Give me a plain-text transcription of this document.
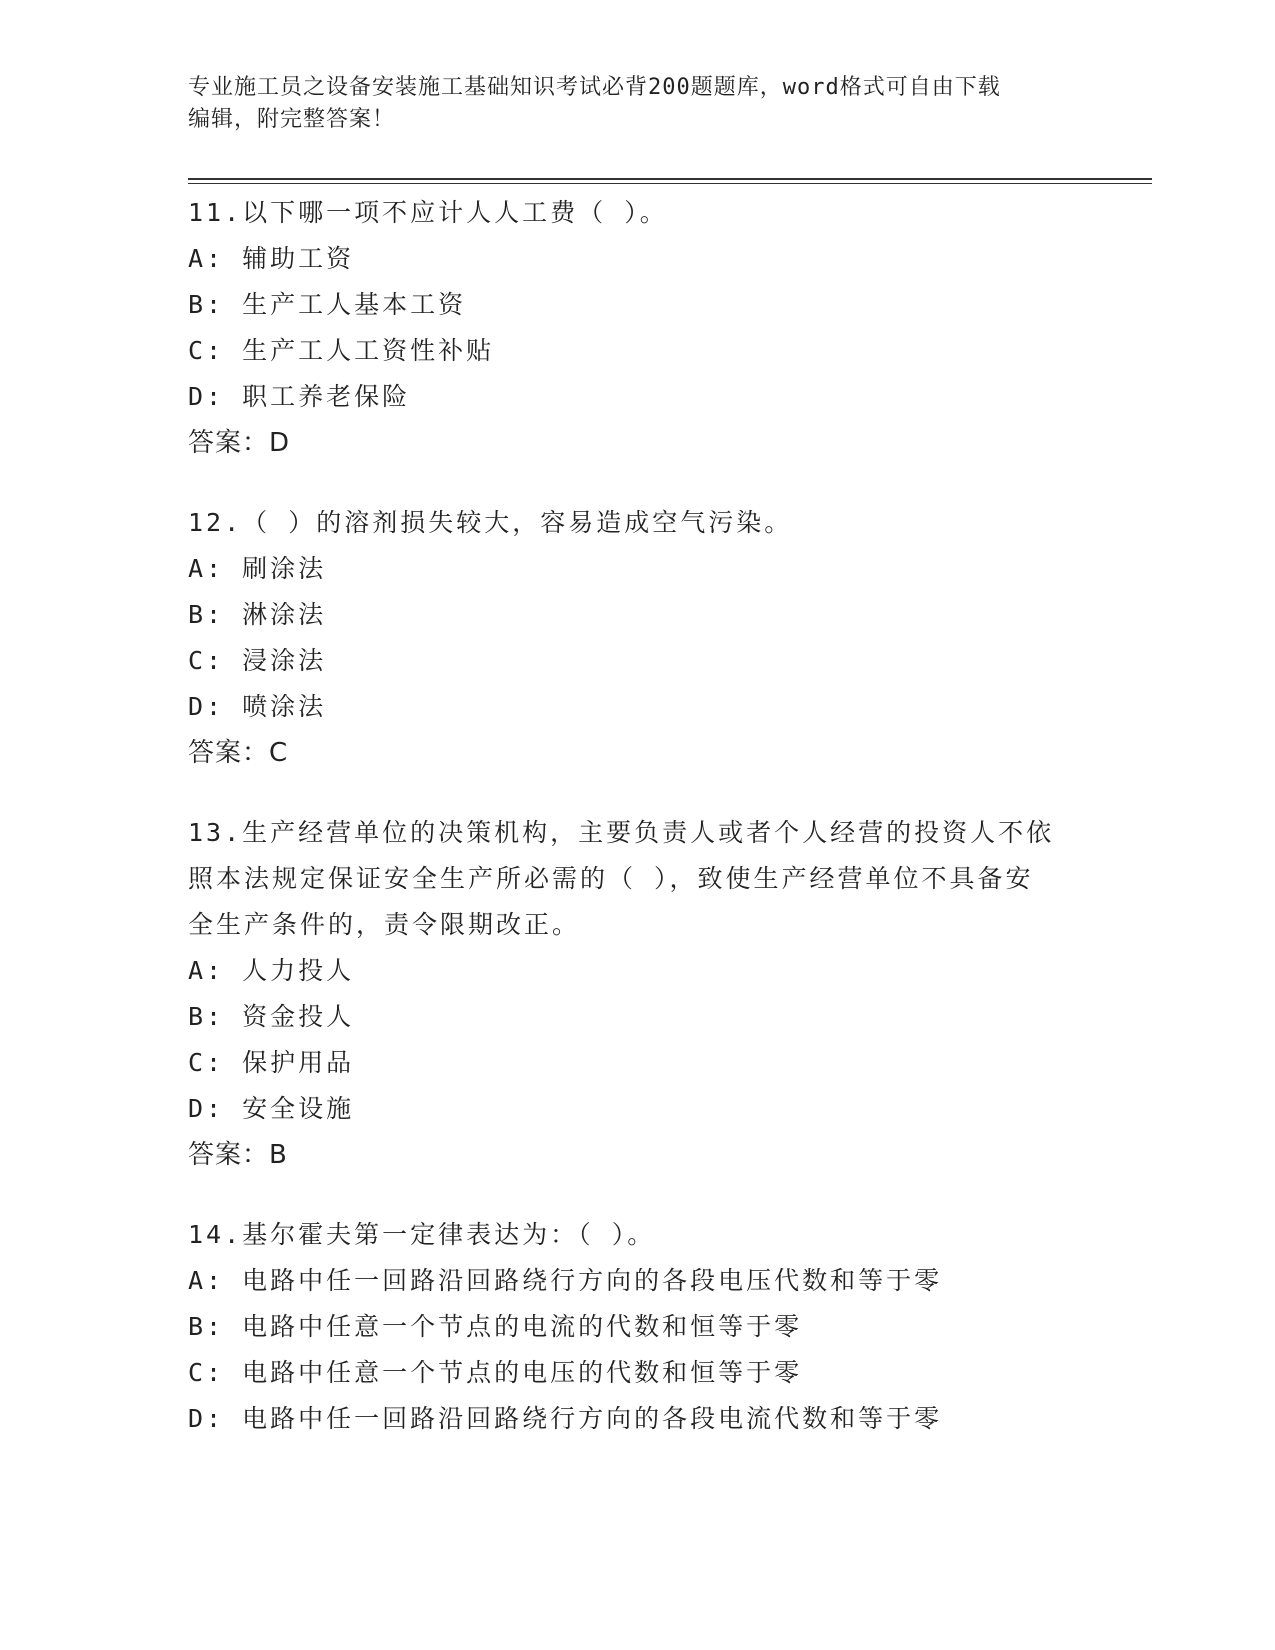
专业施工员之设备安装施工基础知识考试必背200题题库，word格式可自由下载
编辑，附完整答案！
11.以下哪一项不应计人人工费（ ）。
A: 辅助工资
B: 生产工人基本工资
C: 生产工人工资性补贴
D: 职工养老保险
答案：D
12.（ ）的溶剂损失较大，容易造成空气污染。
A: 刷涂法
B: 淋涂法
C: 浸涂法
D: 喷涂法
答案：C
13.生产经营单位的决策机构，主要负责人或者个人经营的投资人不依
照本法规定保证安全生产所必需的（ ），致使生产经营单位不具备安
全生产条件的，责令限期改正。
A: 人力投人
B: 资金投人
C: 保护用品
D: 安全设施
答案：B
14.基尔霍夫第一定律表达为：（ ）。
A: 电路中任一回路沿回路绕行方向的各段电压代数和等于零
B: 电路中任意一个节点的电流的代数和恒等于零
C: 电路中任意一个节点的电压的代数和恒等于零
D: 电路中任一回路沿回路绕行方向的各段电流代数和等于零
